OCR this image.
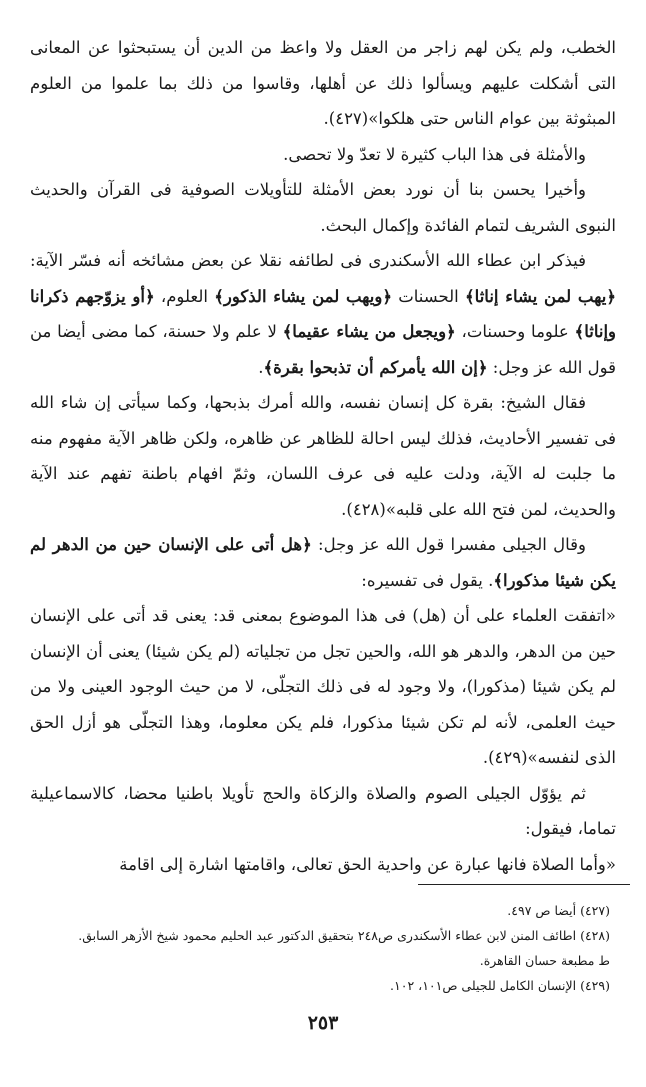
الخطب، ولم يكن لهم زاجر من العقل ولا واعظ من الدين أن يستبحثوا عن المعانى التى أشكلت عليهم ويسألوا ذلك عن أهلها، وقاسوا من ذلك بما علموا من العلوم المبثوثة بين عوام الناس حتى هلكوا»(٤٢٧).

والأمثلة فى هذا الباب كثيرة لا تعدّ ولا تحصى.

وأخيرا يحسن بنا أن نورد بعض الأمثلة للتأويلات الصوفية فى القرآن والحديث النبوى الشريف لتمام الفائدة وإكمال البحث.

فيذكر ابن عطاء الله الأسكندرى فى لطائفه نقلا عن بعض مشائخه أنه فسّر الآية: ﴿يهب لمن يشاء إناثا﴾ الحسنات ﴿ويهب لمن يشاء الذكور﴾ العلوم، ﴿أو يزوّجهم ذكرانا وإناثا﴾ علوما وحسنات، ﴿ويجعل من يشاء عقيما﴾ لا علم ولا حسنة، كما مضى أيضا من قول الله عز وجل: ﴿إن الله يأمركم أن تذبحوا بقرة﴾.

فقال الشيخ: بقرة كل إنسان نفسه، والله أمرك بذبحها، وكما سيأتى إن شاء الله فى تفسير الأحاديث، فذلك ليس احالة للظاهر عن ظاهره، ولكن ظاهر الآية مفهوم منه ما جلبت له الآية، ودلت عليه فى عرف اللسان، وثمّ افهام باطنة تفهم عند الآية والحديث، لمن فتح الله على قلبه»(٤٢٨).

وقال الجيلى مفسرا قول الله عز وجل: ﴿هل أتى على الإنسان حين من الدهر لم يكن شيئا مذكورا﴾. يقول فى تفسيره:

«اتفقت العلماء على أن (هل) فى هذا الموضوع بمعنى قد: يعنى قد أتى على الإنسان حين من الدهر، والدهر هو الله، والحين تجل من تجلياته (لم يكن شيئا) يعنى أن الإنسان لم يكن شيئا (مذكورا)، ولا وجود له فى ذلك التجلّى، لا من حيث الوجود العينى ولا من حيث العلمى، لأنه لم تكن شيئا مذكورا، فلم يكن معلوما، وهذا التجلّى هو أزل الحق الذى لنفسه»(٤٢٩).

ثم يؤوّل الجيلى الصوم والصلاة والزكاة والحج تأويلا باطنيا محضا، كالاسماعيلية تماما، فيقول:

«وأما الصلاة فانها عبارة عن واحدية الحق تعالى، واقامتها اشارة إلى اقامة

(٤٢٧) أيضا ص ٤٩٧.
(٤٢٨) اطائف المنن لابن عطاء الأسكندرى ص٢٤٨ بتحقيق الدكتور عبد الحليم محمود شيخ الأزهر السابق.
ط مطبعة حسان القاهرة.
(٤٢٩) الإنسان الكامل للجيلى ص١٠١، ١٠٢.
٢٥٣
